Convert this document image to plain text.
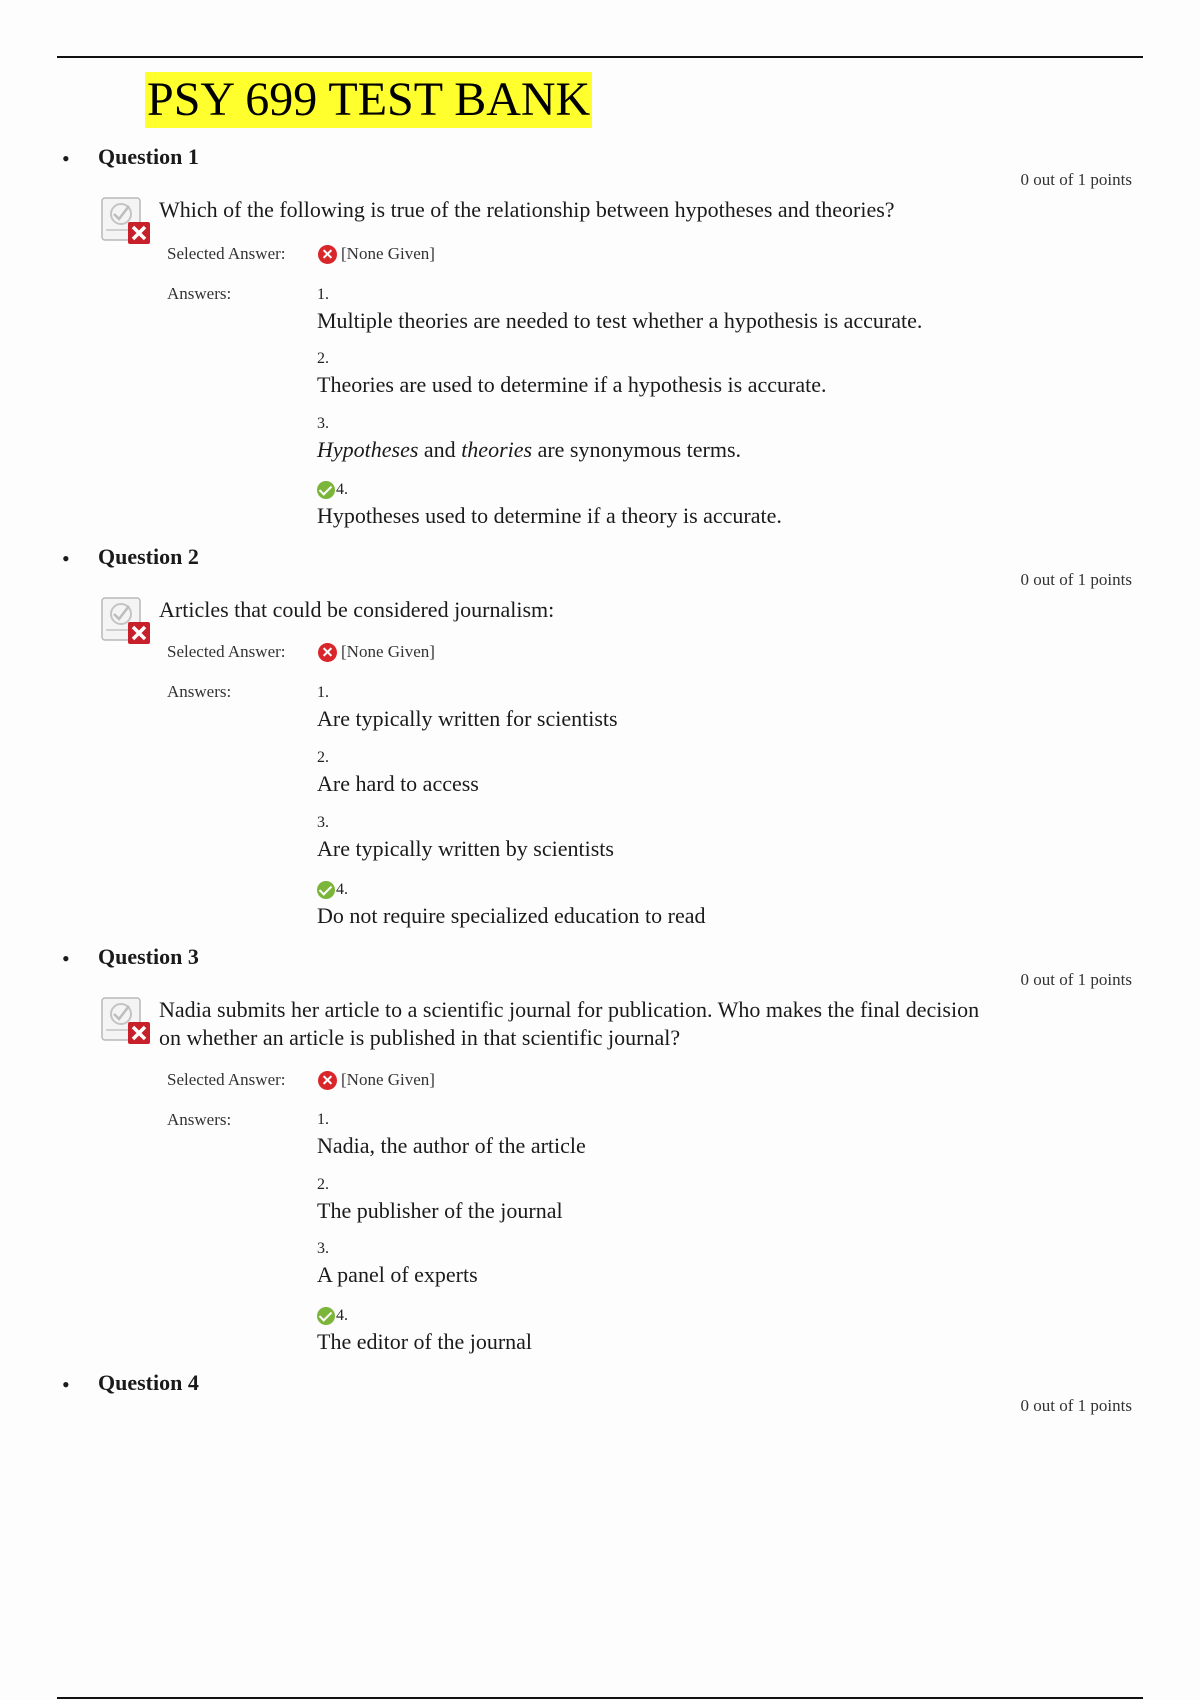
PSY 699 TEST BANK
• Question 1
0 out of 1 points
Which of the following is true of the relationship between hypotheses and theories?
Selected Answer:	[None Given]
Answers:	1.
Multiple theories are needed to test whether a hypothesis is accurate.
2.
Theories are used to determine if a hypothesis is accurate.
3.
Hypotheses and theories are synonymous terms.
4.
Hypotheses used to determine if a theory is accurate.
• Question 2
0 out of 1 points
Articles that could be considered journalism:
Selected Answer:	[None Given]
Answers:	1.
Are typically written for scientists
2.
Are hard to access
3.
Are typically written by scientists
4.
Do not require specialized education to read
• Question 3
0 out of 1 points
Nadia submits her article to a scientific journal for publication. Who makes the final decision on whether an article is published in that scientific journal?
Selected Answer:	[None Given]
Answers:	1.
Nadia, the author of the article
2.
The publisher of the journal
3.
A panel of experts
4.
The editor of the journal
• Question 4
0 out of 1 points
